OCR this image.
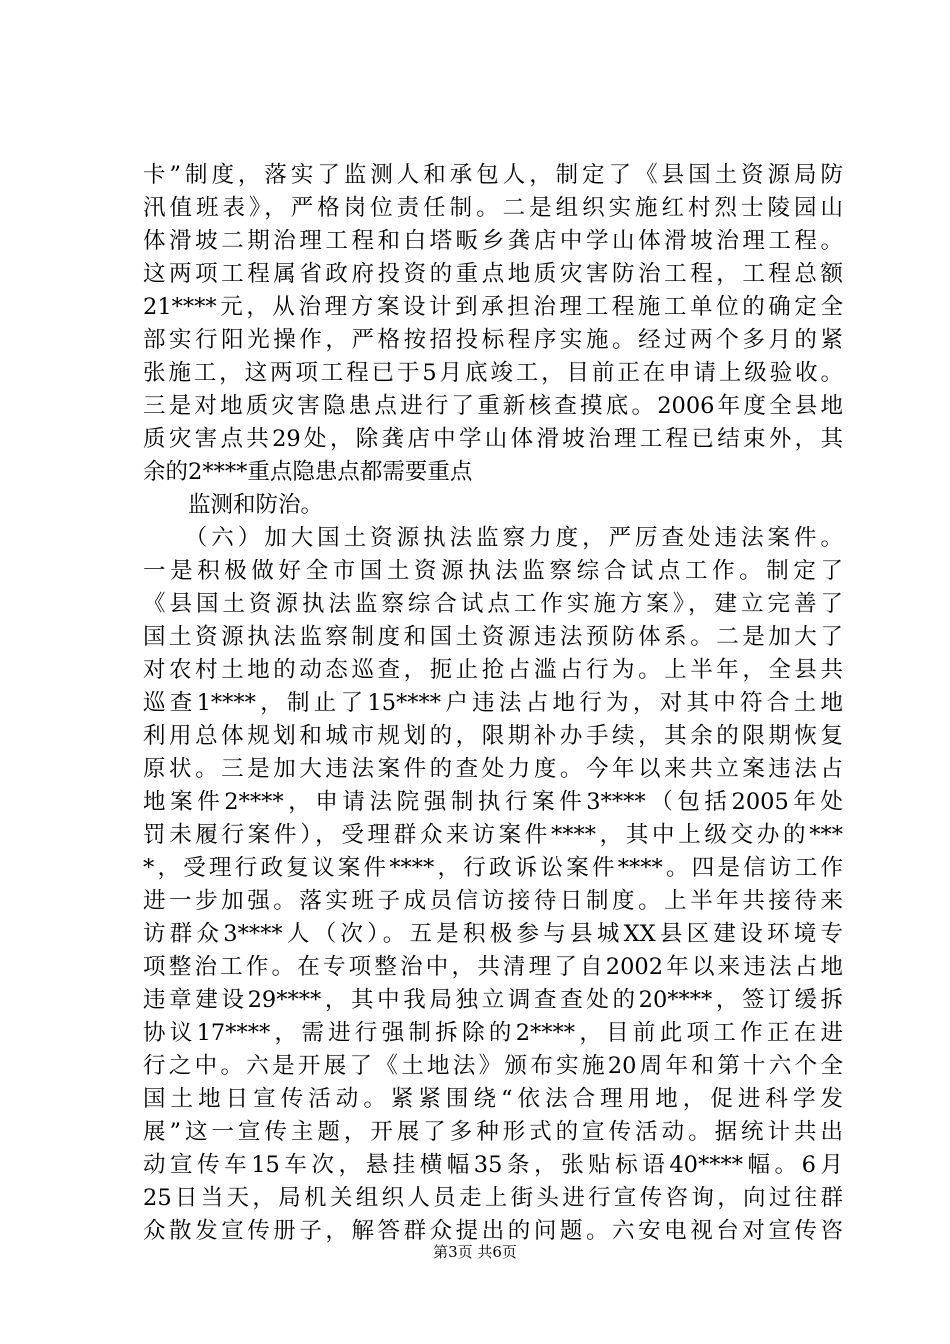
卡”制度，落实了监测人和承包人，制定了《县国土资源局防
汛值班表》，严格岗位责任制。二是组织实施红村烈士陵园山
体滑坡二期治理工程和白塔畈乡龚店中学山体滑坡治理工程。
这两项工程属省政府投资的重点地质灾害防治工程，工程总额
21****元，从治理方案设计到承担治理工程施工单位的确定全
部实行阳光操作，严格按招投标程序实施。经过两个多月的紧
张施工，这两项工程已于5月底竣工，目前正在申请上级验收。
三是对地质灾害隐患点进行了重新核查摸底。2006年度全县地
质灾害点共29处，除龚店中学山体滑坡治理工程已结束外，其
余的2****重点隐患点都需要重点
　　监测和防治。
　　（六）加大国土资源执法监察力度，严厉查处违法案件。
一是积极做好全市国土资源执法监察综合试点工作。制定了
《县国土资源执法监察综合试点工作实施方案》，建立完善了
国土资源执法监察制度和国土资源违法预防体系。二是加大了
对农村土地的动态巡查，扼止抢占滥占行为。上半年，全县共
巡查1****，制止了15****户违法占地行为，对其中符合土地
利用总体规划和城市规划的，限期补办手续，其余的限期恢复
原状。三是加大违法案件的查处力度。今年以来共立案违法占
地案件2****，申请法院强制执行案件3****（包括2005年处
罚未履行案件），受理群众来访案件****，其中上级交办的***
*，受理行政复议案件****，行政诉讼案件****。四是信访工作
进一步加强。落实班子成员信访接待日制度。上半年共接待来
访群众3****人（次）。五是积极参与县城XX县区建设环境专
项整治工作。在专项整治中，共清理了自2002年以来违法占地
违章建设29****，其中我局独立调查查处的20****，签订缓拆
协议17****，需进行强制拆除的2****，目前此项工作正在进
行之中。六是开展了《土地法》颁布实施20周年和第十六个全
国土地日宣传活动。紧紧围绕“依法合理用地，促进科学发
展”这一宣传主题，开展了多种形式的宣传活动。据统计共出
动宣传车15车次，悬挂横幅35条，张贴标语40****幅。6月
25日当天，局机关组织人员走上街头进行宣传咨询，向过往群
众散发宣传册子，解答群众提出的问题。六安电视台对宣传咨
第3页 共6页
